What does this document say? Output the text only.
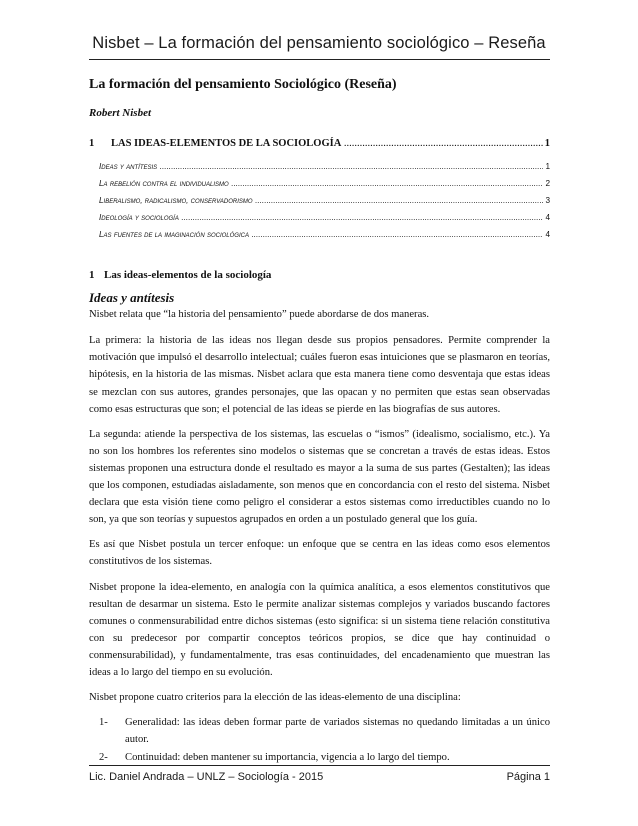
Nisbet – La formación del pensamiento sociológico – Reseña
La formación del pensamiento Sociológico (Reseña)
Robert Nisbet
1	LAS IDEAS-ELEMENTOS DE LA SOCIOLOGÍA .....	1
Ideas y antítesis .....	1
La rebelión contra el individualismo .....	2
Liberalismo, radicalismo, conservadorismo .....	3
Ideología y sociología .....	4
Las fuentes de la imaginación sociológica .....	4
1 Las ideas-elementos de la sociología
Ideas y antítesis

Nisbet relata que “la historia del pensamiento” puede abordarse de dos maneras.

La primera: la historia de las ideas nos llegan desde sus propios pensadores. Permite comprender la motivación que impulsó el desarrollo intelectual; cuáles fueron esas intuiciones que se plasmaron en teorías, hipótesis, en la historia de las mismas. Nisbet aclara que esta manera tiene como desventaja que estas ideas se mezclan con sus autores, grandes personajes, que las opacan y no permiten que estas sean observadas como esas estructuras que son; el potencial de las ideas se pierde en las biografías de sus autores.

La segunda: atiende la perspectiva de los sistemas, las escuelas o “ismos” (idealismo, socialismo, etc.). Ya no son los hombres los referentes sino modelos o sistemas que se concretan a través de estas ideas. Estos sistemas proponen una estructura donde el resultado es mayor a la suma de sus partes (Gestalten); las ideas que los componen, estudiadas aisladamente, son menos que en concordancia con el resto del sistema. Nisbet declara que esta visión tiene como peligro el considerar a estos sistemas como irreductibles cuando no lo son, ya que son teorías y supuestos agrupados en orden a un postulado general que los guía.

Es así que Nisbet postula un tercer enfoque: un enfoque que se centra en las ideas como esos elementos constitutivos de los sistemas.

Nisbet propone la idea-elemento, en analogía con la química analítica, a esos elementos constitutivos que resultan de desarmar un sistema. Esto le permite analizar sistemas complejos y variados buscando factores comunes o conmensurabilidad entre dichos sistemas (esto significa: si un sistema tiene relación constitutiva con su predecesor por compartir conceptos teóricos propios, se dice que hay continuidad o conmensurabilidad), y fundamentalmente, tras esas continuidades, del encadenamiento que muestran las ideas a lo largo del tiempo en su evolución.

Nisbet propone cuatro criterios para la elección de las ideas-elemento de una disciplina:

1-	Generalidad: las ideas deben formar parte de variados sistemas no quedando limitadas a un único autor.
2-	Continuidad: deben mantener su importancia, vigencia a lo largo del tiempo.
Lic. Daniel Andrada – UNLZ – Sociología - 2015	Página 1
